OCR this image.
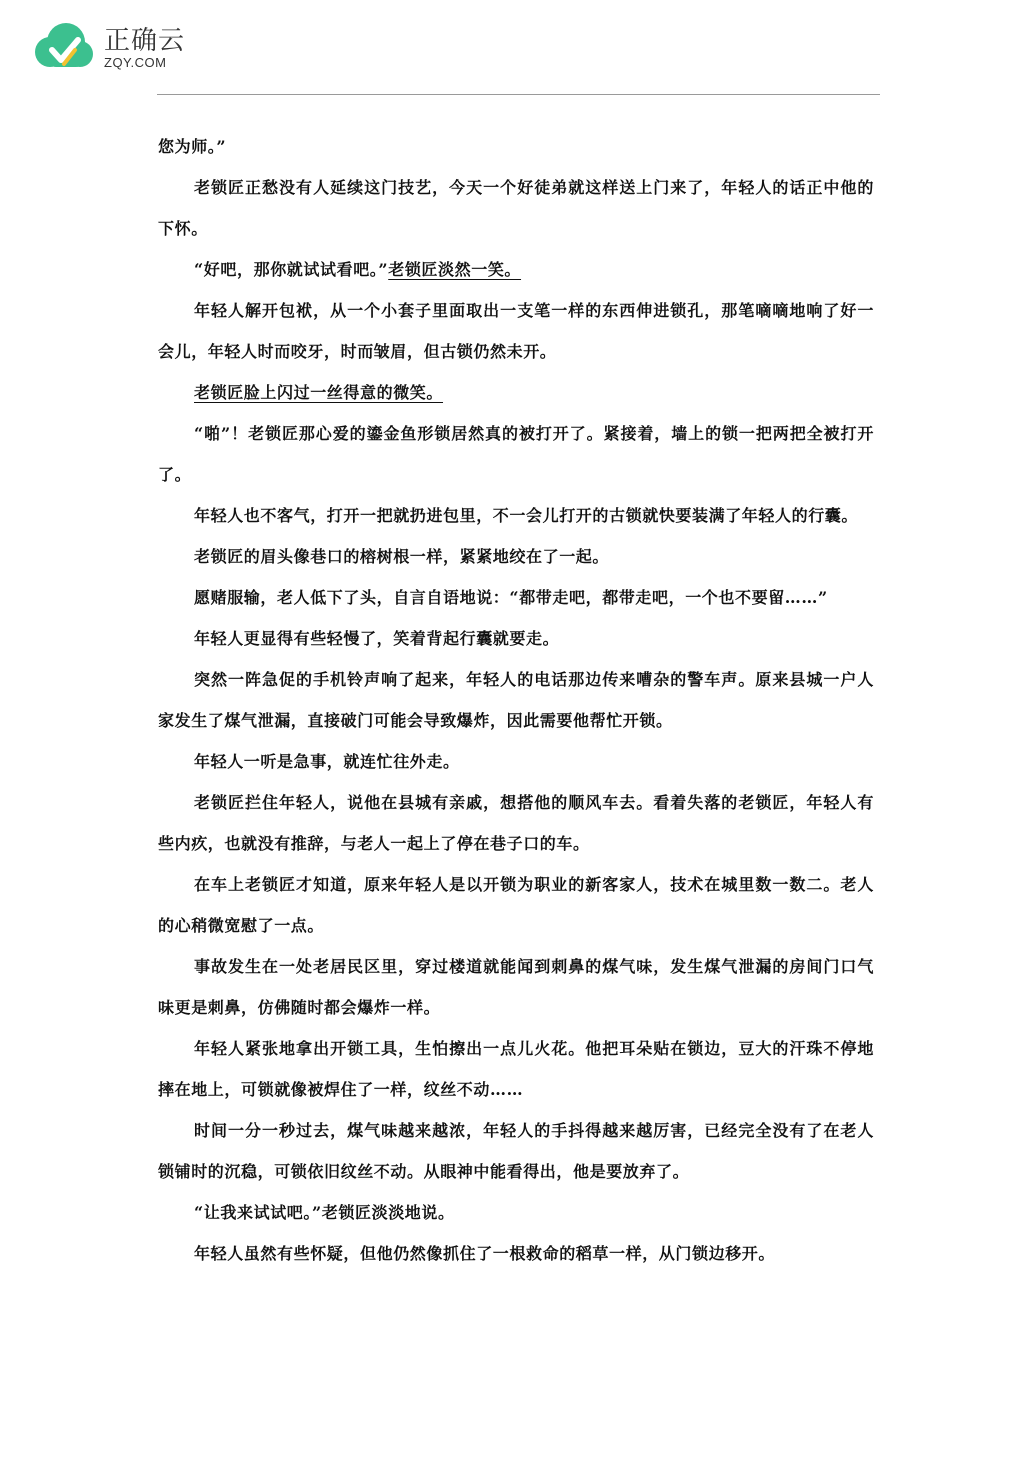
正确云
ZQY.COM

您为师。”

老锁匠正愁没有人延续这门技艺，今天一个好徒弟就这样送上门来了，年轻人的话正中他的下怀。

“好吧，那你就试试看吧。”老锁匠淡然一笑。

年轻人解开包袱，从一个小套子里面取出一支笔一样的东西伸进锁孔，那笔嘀嘀地响了好一会儿，年轻人时而咬牙，时而皱眉，但古锁仍然未开。

老锁匠脸上闪过一丝得意的微笑。

“啪”！老锁匠那心爱的鎏金鱼形锁居然真的被打开了。紧接着，墙上的锁一把两把全被打开了。

年轻人也不客气，打开一把就扔进包里，不一会儿打开的古锁就快要装满了年轻人的行囊。

老锁匠的眉头像巷口的榕树根一样，紧紧地绞在了一起。

愿赌服输，老人低下了头，自言自语地说：“都带走吧，都带走吧，一个也不要留……”

年轻人更显得有些轻慢了，笑着背起行囊就要走。

突然一阵急促的手机铃声响了起来，年轻人的电话那边传来嘈杂的警车声。原来县城一户人家发生了煤气泄漏，直接破门可能会导致爆炸，因此需要他帮忙开锁。

年轻人一听是急事，就连忙往外走。

老锁匠拦住年轻人，说他在县城有亲戚，想搭他的顺风车去。看着失落的老锁匠，年轻人有些内疚，也就没有推辞，与老人一起上了停在巷子口的车。

在车上老锁匠才知道，原来年轻人是以开锁为职业的新客家人，技术在城里数一数二。老人的心稍微宽慰了一点。

事故发生在一处老居民区里，穿过楼道就能闻到刺鼻的煤气味，发生煤气泄漏的房间门口气味更是刺鼻，仿佛随时都会爆炸一样。

年轻人紧张地拿出开锁工具，生怕擦出一点儿火花。他把耳朵贴在锁边，豆大的汗珠不停地摔在地上，可锁就像被焊住了一样，纹丝不动……

时间一分一秒过去，煤气味越来越浓，年轻人的手抖得越来越厉害，已经完全没有了在老人锁铺时的沉稳，可锁依旧纹丝不动。从眼神中能看得出，他是要放弃了。

“让我来试试吧。”老锁匠淡淡地说。

年轻人虽然有些怀疑，但他仍然像抓住了一根救命的稻草一样，从门锁边移开。
